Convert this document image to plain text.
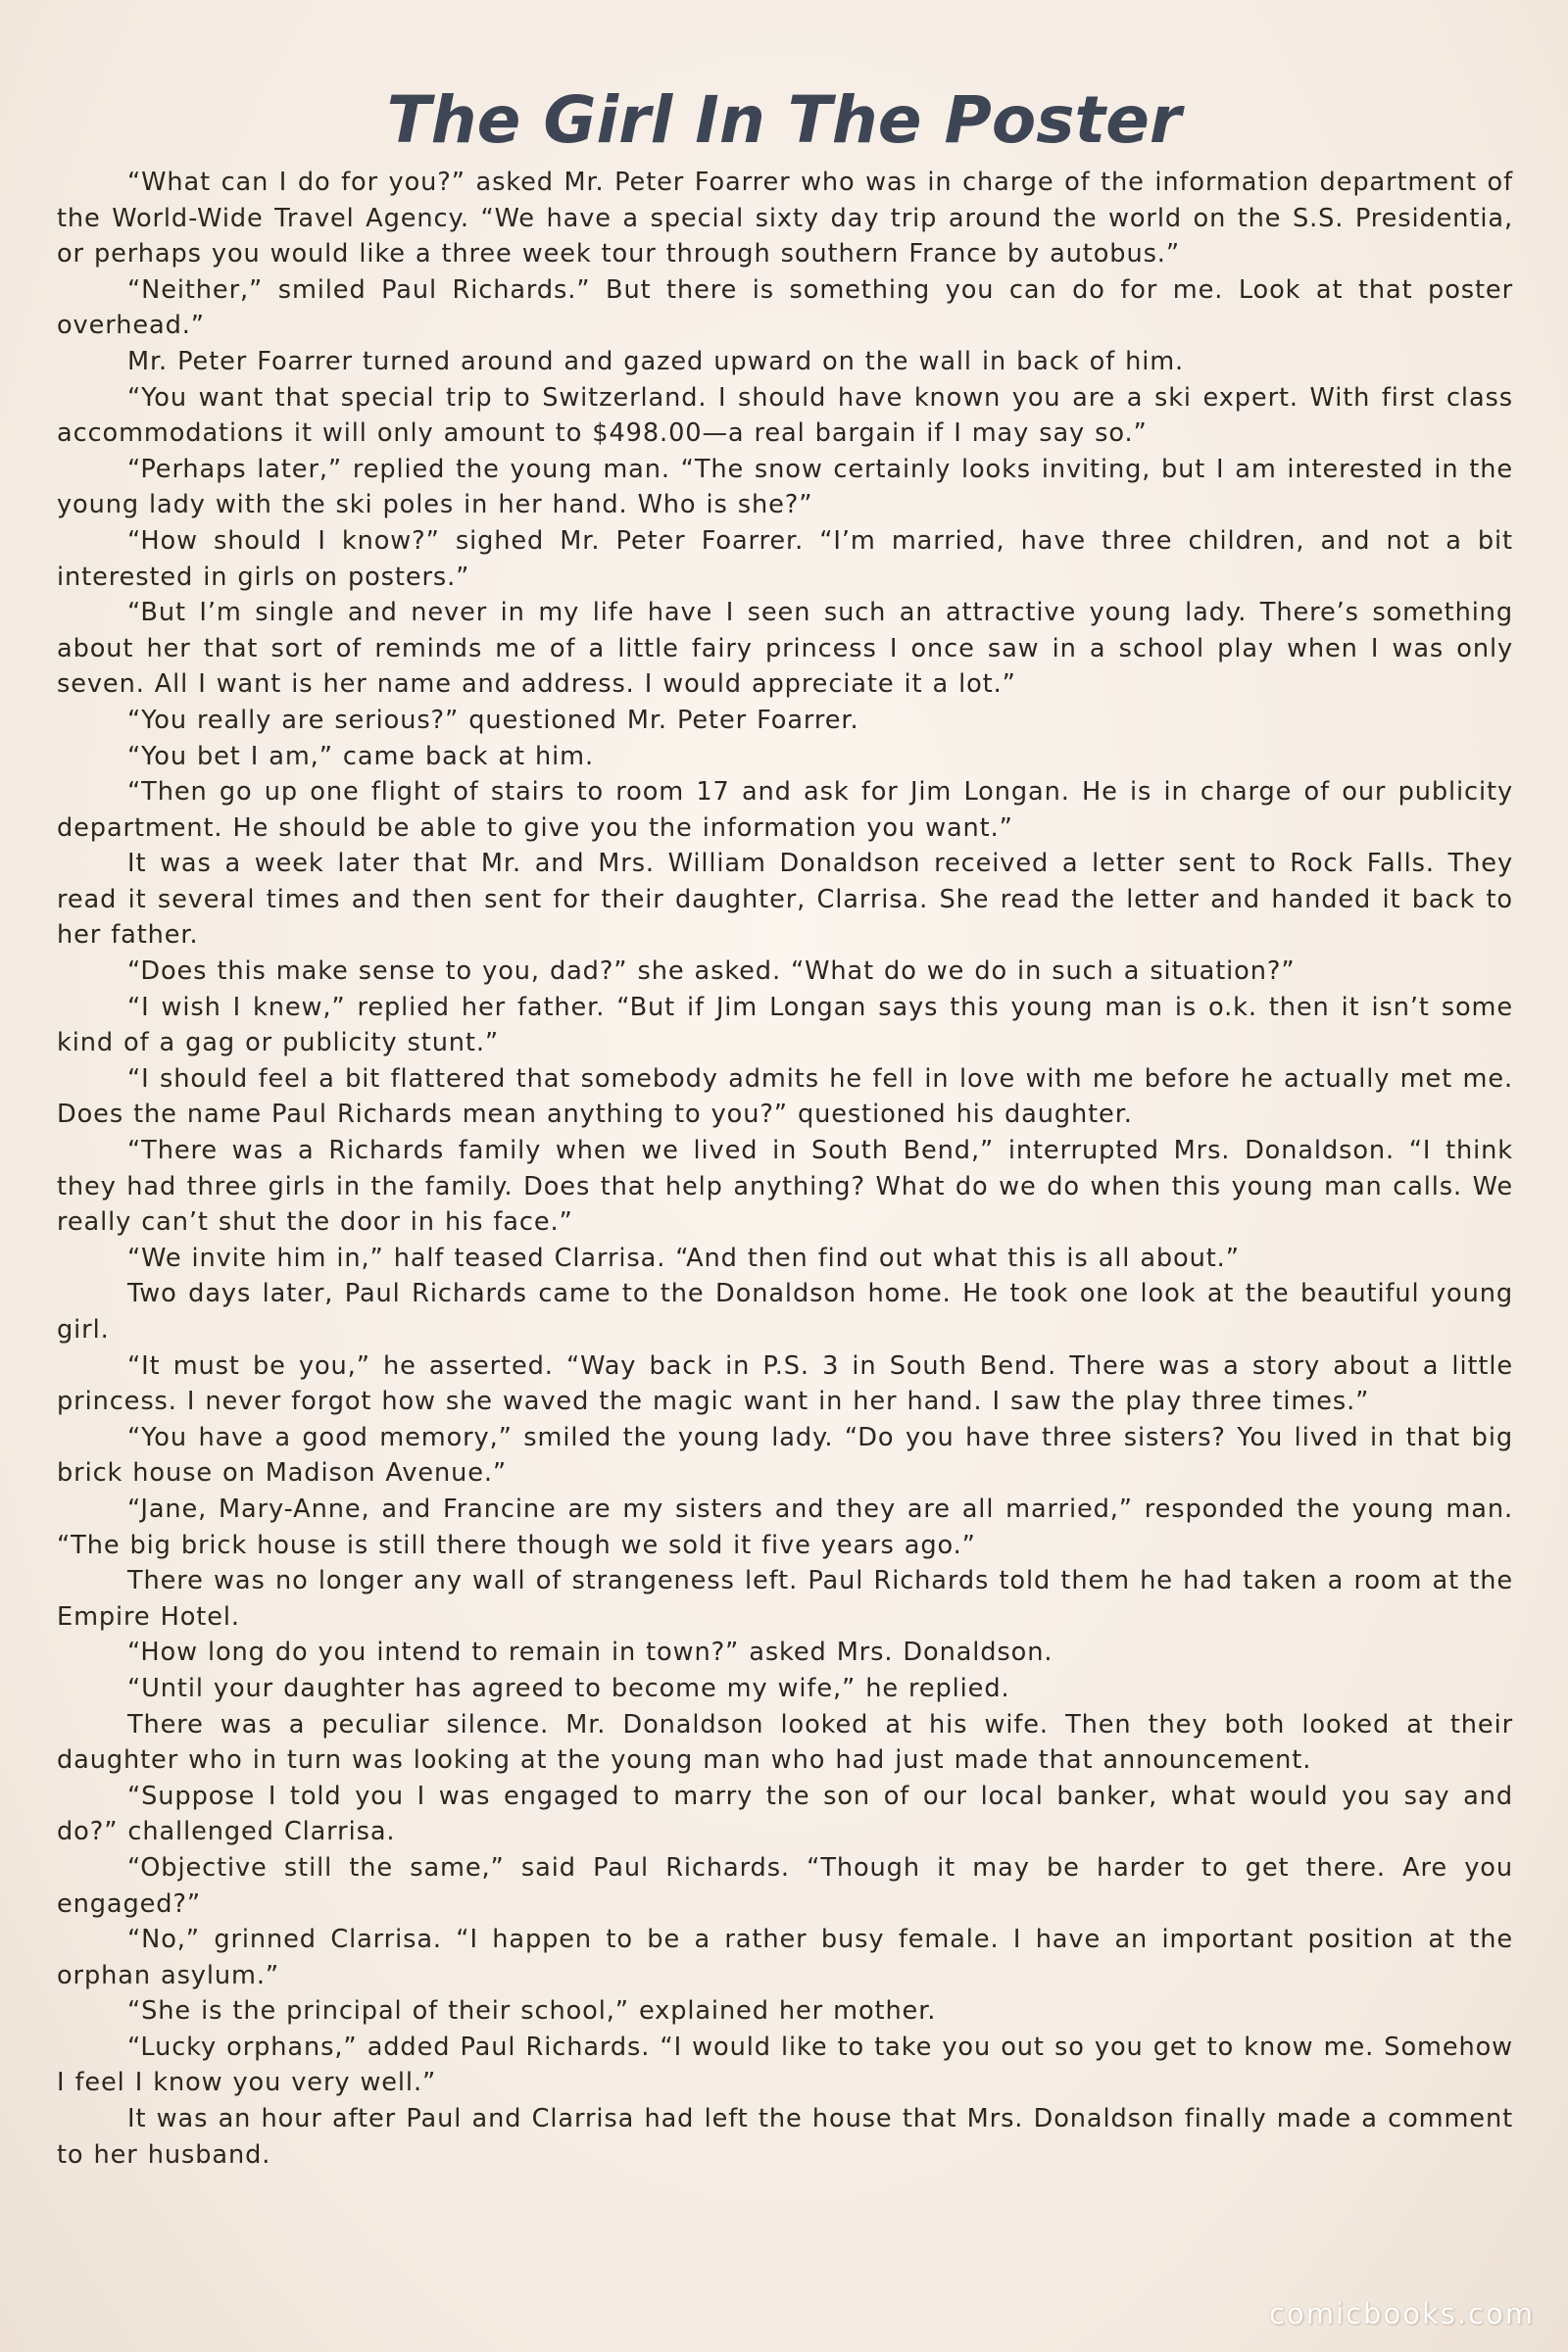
The Girl In The Poster

“What can I do for you?” asked Mr. Peter Foarrer who was in charge of the information department of the World-Wide Travel Agency. “We have a special sixty day trip around the world on the S.S. Presidentia, or perhaps you would like a three week tour through southern France by autobus.”

“Neither,” smiled Paul Richards.” But there is something you can do for me. Look at that poster overhead.”

Mr. Peter Foarrer turned around and gazed upward on the wall in back of him.

“You want that special trip to Switzerland. I should have known you are a ski expert. With first class accommodations it will only amount to $498.00—a real bargain if I may say so.”

“Perhaps later,” replied the young man. “The snow certainly looks inviting, but I am interested in the young lady with the ski poles in her hand. Who is she?”

“How should I know?” sighed Mr. Peter Foarrer. “I’m married, have three children, and not a bit interested in girls on posters.”

“But I’m single and never in my life have I seen such an attractive young lady. There’s something about her that sort of reminds me of a little fairy princess I once saw in a school play when I was only seven. All I want is her name and address. I would appreciate it a lot.”

“You really are serious?” questioned Mr. Peter Foarrer.

“You bet I am,” came back at him.

“Then go up one flight of stairs to room 17 and ask for Jim Longan. He is in charge of our publicity department. He should be able to give you the information you want.”

It was a week later that Mr. and Mrs. William Donaldson received a letter sent to Rock Falls. They read it several times and then sent for their daughter, Clarrisa. She read the letter and handed it back to her father.

“Does this make sense to you, dad?” she asked. “What do we do in such a situation?”

“I wish I knew,” replied her father. “But if Jim Longan says this young man is o.k. then it isn’t some kind of a gag or publicity stunt.”

“I should feel a bit flattered that somebody admits he fell in love with me before he actually met me. Does the name Paul Richards mean anything to you?” questioned his daughter.

“There was a Richards family when we lived in South Bend,” interrupted Mrs. Donaldson. “I think they had three girls in the family. Does that help anything? What do we do when this young man calls. We really can’t shut the door in his face.”

“We invite him in,” half teased Clarrisa. “And then find out what this is all about.”

Two days later, Paul Richards came to the Donaldson home. He took one look at the beautiful young girl.

“It must be you,” he asserted. “Way back in P.S. 3 in South Bend. There was a story about a little princess. I never forgot how she waved the magic want in her hand. I saw the play three times.”

“You have a good memory,” smiled the young lady. “Do you have three sisters? You lived in that big brick house on Madison Avenue.”

“Jane, Mary-Anne, and Francine are my sisters and they are all married,” responded the young man. “The big brick house is still there though we sold it five years ago.”

There was no longer any wall of strangeness left. Paul Richards told them he had taken a room at the Empire Hotel.

“How long do you intend to remain in town?” asked Mrs. Donaldson.

“Until your daughter has agreed to become my wife,” he replied.

There was a peculiar silence. Mr. Donaldson looked at his wife. Then they both looked at their daughter who in turn was looking at the young man who had just made that announcement.

“Suppose I told you I was engaged to marry the son of our local banker, what would you say and do?” challenged Clarrisa.

“Objective still the same,” said Paul Richards. “Though it may be harder to get there. Are you engaged?”

“No,” grinned Clarrisa. “I happen to be a rather busy female. I have an important position at the orphan asylum.”

“She is the principal of their school,” explained her mother.

“Lucky orphans,” added Paul Richards. “I would like to take you out so you get to know me. Somehow I feel I know you very well.”

It was an hour after Paul and Clarrisa had left the house that Mrs. Donaldson finally made a comment to her husband.

comicbooks.com
